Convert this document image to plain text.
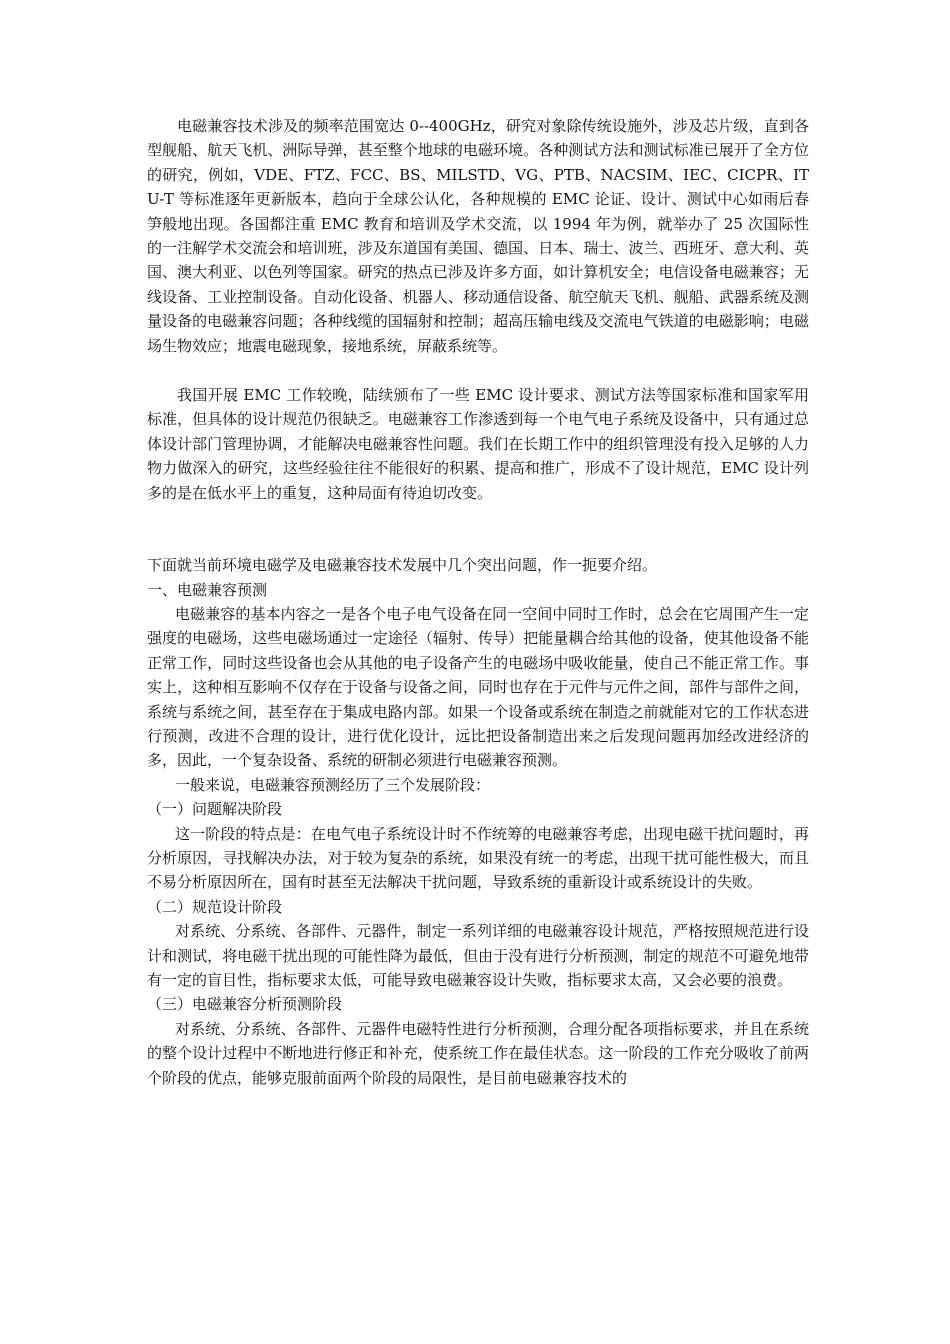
电磁兼容技术涉及的频率范围宽达 0--400GHz，研究对象除传统设施外，涉及芯片级，直到各型舰船、航天飞机、洲际导弹，甚至整个地球的电磁环境。各种测试方法和测试标准已展开了全方位的研究，例如，VDE、FTZ、FCC、BS、MILSTD、VG、PTB、NACSIM、IEC、CICPR、ITU-T 等标准逐年更新版本，趋向于全球公认化，各种规模的 EMC 论证、设计、测试中心如雨后春笋般地出现。各国都注重 EMC 教育和培训及学术交流，以 1994 年为例，就举办了 25 次国际性的一注解学术交流会和培训班，涉及东道国有美国、德国、日本、瑞士、波兰、西班牙、意大利、英国、澳大利亚、以色列等国家。研究的热点已涉及许多方面，如计算机安全；电信设备电磁兼容；无线设备、工业控制设备。自动化设备、机器人、移动通信设备、航空航天飞机、舰船、武器系统及测量设备的电磁兼容问题；各种线缆的国辐射和控制；超高压输电线及交流电气铁道的电磁影响；电磁场生物效应；地震电磁现象，接地系统，屏蔽系统等。

我国开展 EMC 工作较晚，陆续颁布了一些 EMC 设计要求、测试方法等国家标准和国家军用标准，但具体的设计规范仍很缺乏。电磁兼容工作渗透到每一个电气电子系统及设备中，只有通过总体设计部门管理协调，才能解决电磁兼容性问题。我们在长期工作中的组织管理没有投入足够的人力物力做深入的研究，这些经验往往不能很好的积累、提高和推广，形成不了设计规范，EMC 设计列多的是在低水平上的重复，这种局面有待迫切改变。

下面就当前环境电磁学及电磁兼容技术发展中几个突出问题，作一扼要介绍。

一、电磁兼容预测

电磁兼容的基本内容之一是各个电子电气设备在同一空间中同时工作时，总会在它周围产生一定强度的电磁场，这些电磁场通过一定途径（辐射、传导）把能量耦合给其他的设备，使其他设备不能正常工作，同时这些设备也会从其他的电子设备产生的电磁场中吸收能量，使自己不能正常工作。事实上，这种相互影响不仅存在于设备与设备之间，同时也存在于元件与元件之间，部件与部件之间，系统与系统之间，甚至存在于集成电路内部。如果一个设备或系统在制造之前就能对它的工作状态进行预测，改进不合理的设计，进行优化设计，远比把设备制造出来之后发现问题再加经改进经济的多，因此，一个复杂设备、系统的研制必须进行电磁兼容预测。

一般来说，电磁兼容预测经历了三个发展阶段：

（一）问题解决阶段

这一阶段的特点是：在电气电子系统设计时不作统筹的电磁兼容考虑，出现电磁干扰问题时，再分析原因，寻找解决办法，对于较为复杂的系统，如果没有统一的考虑，出现干扰可能性极大，而且不易分析原因所在，国有时甚至无法解决干扰问题，导致系统的重新设计或系统设计的失败。

（二）规范设计阶段

对系统、分系统、各部件、元器件，制定一系列详细的电磁兼容设计规范，严格按照规范进行设计和测试，将电磁干扰出现的可能性降为最低，但由于没有进行分析预测，制定的规范不可避免地带有一定的盲目性，指标要求太低，可能导致电磁兼容设计失败，指标要求太高，又会必要的浪费。

（三）电磁兼容分析预测阶段

对系统、分系统、各部件、元器件电磁特性进行分析预测，合理分配各项指标要求，并且在系统的整个设计过程中不断地进行修正和补充，使系统工作在最佳状态。这一阶段的工作充分吸收了前两个阶段的优点，能够克服前面两个阶段的局限性，是目前电磁兼容技术的
